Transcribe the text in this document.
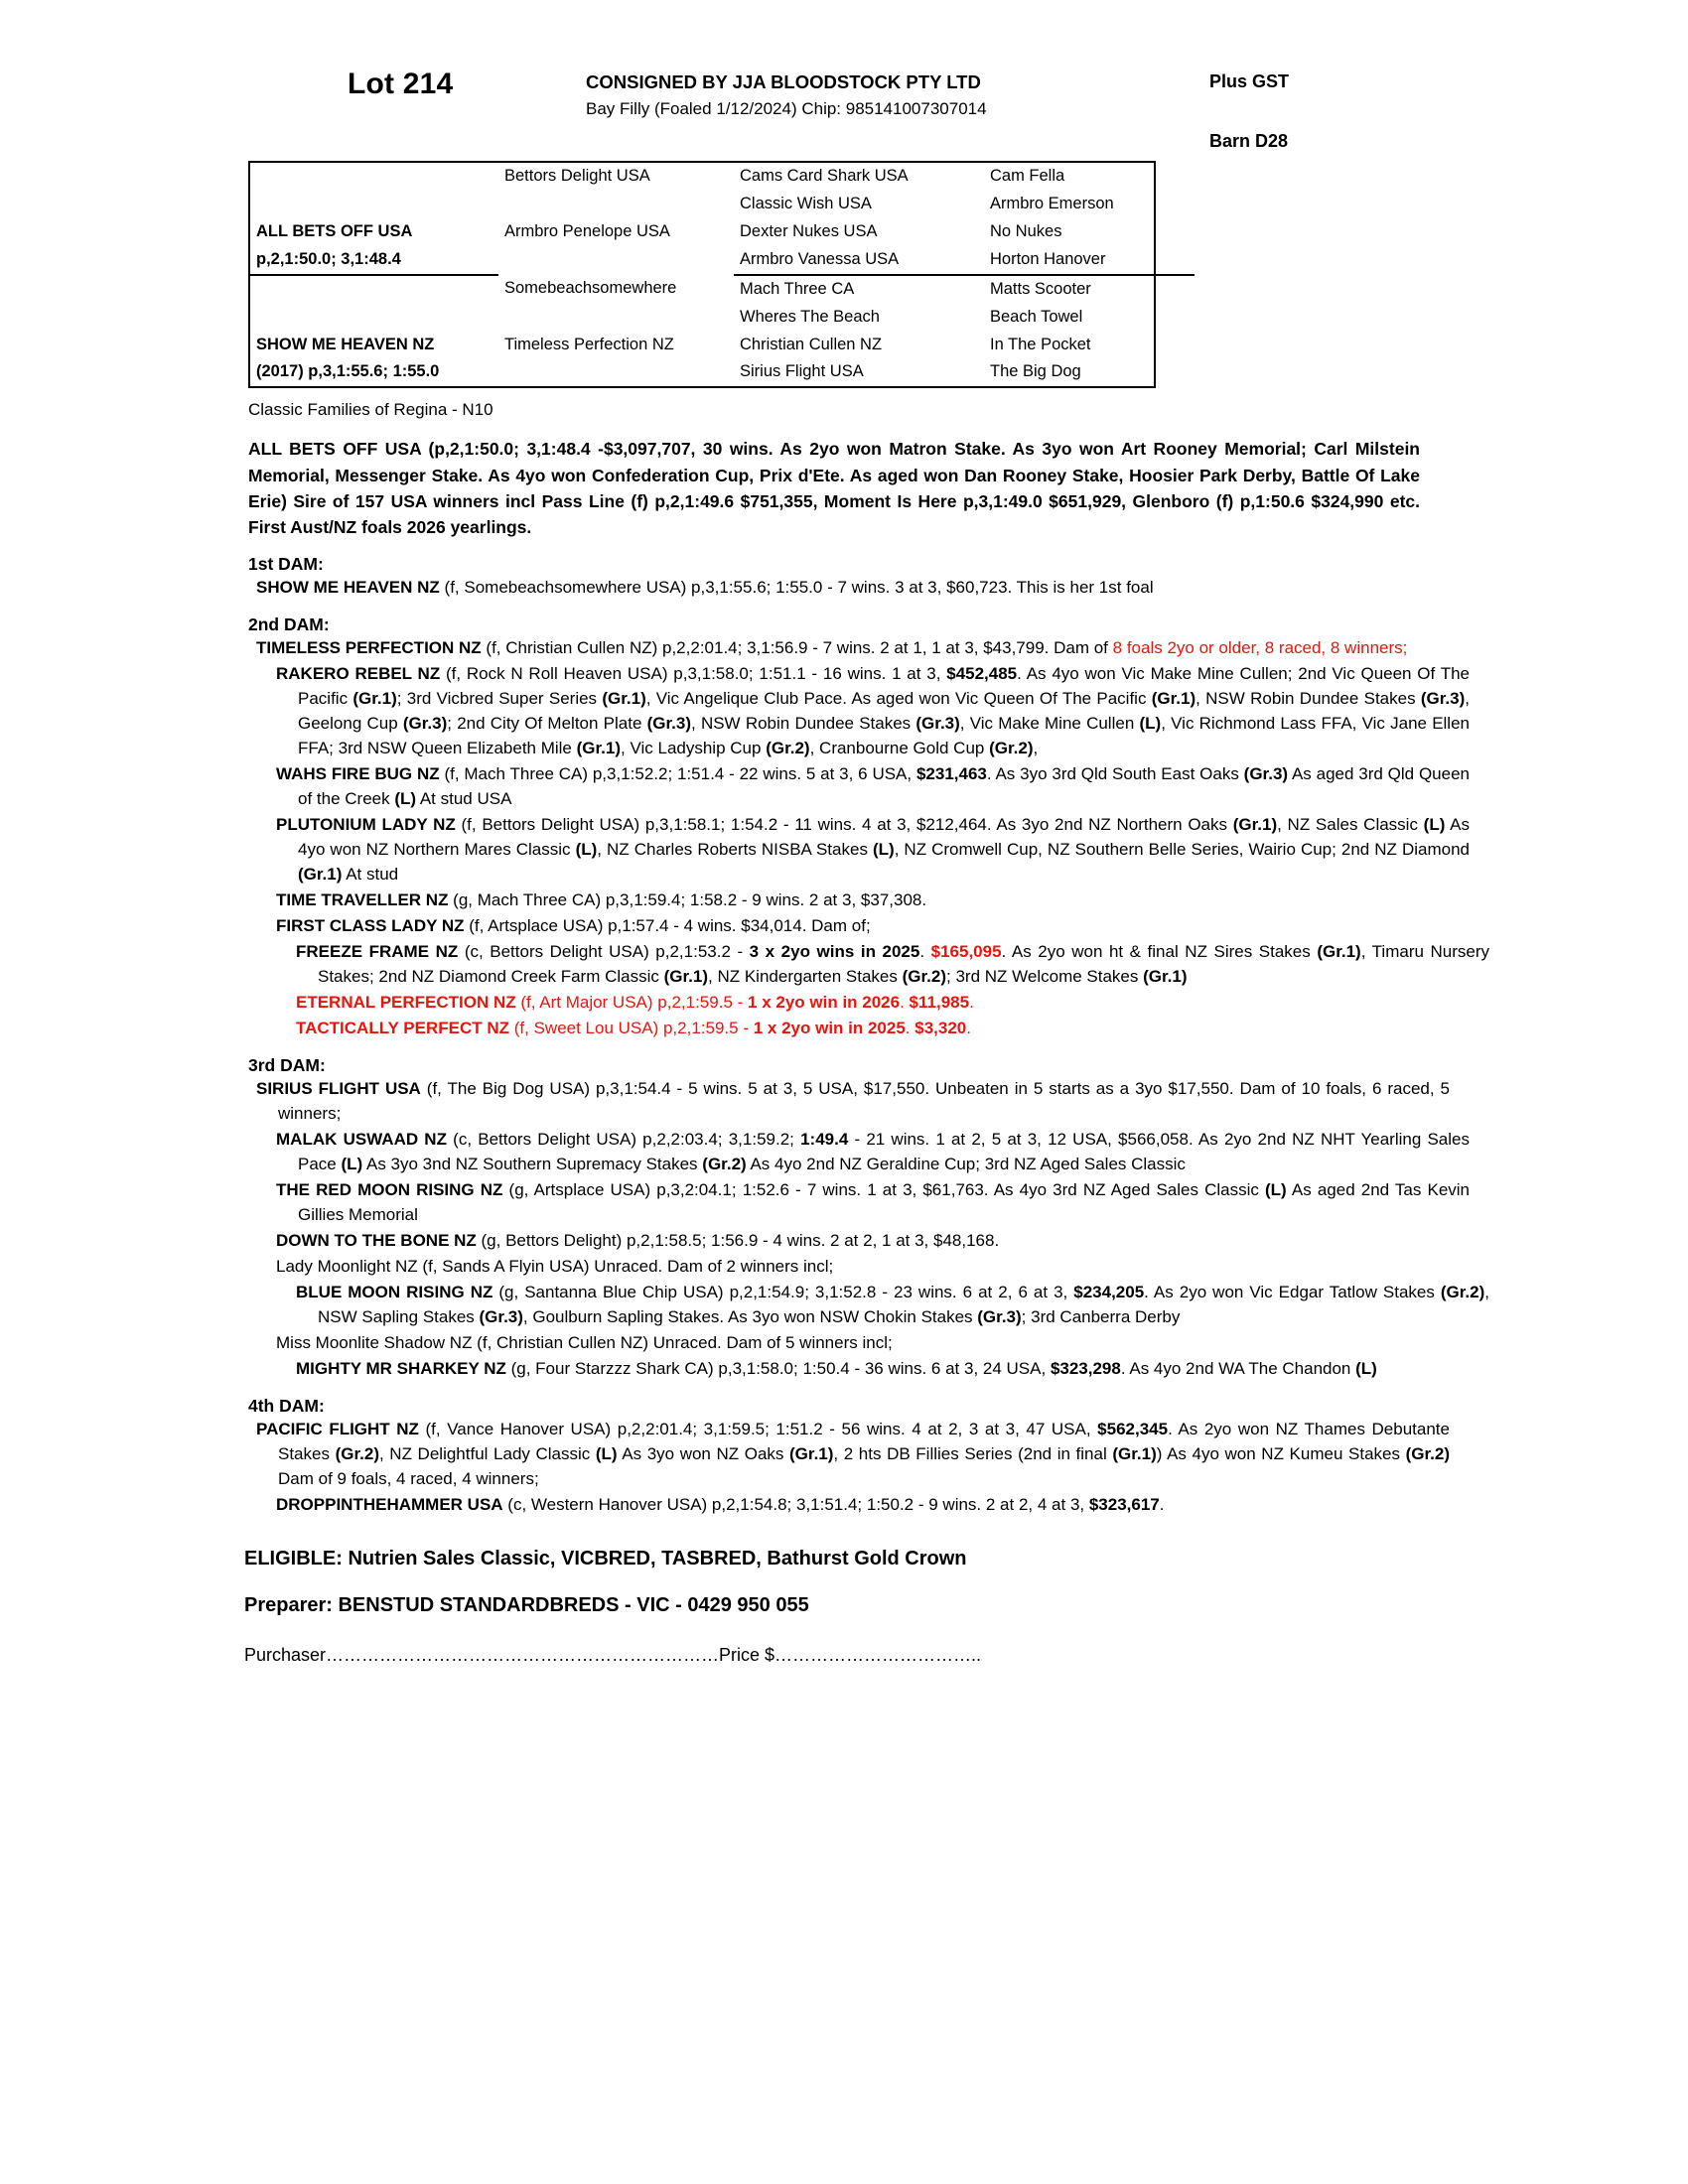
Lot 214	CONSIGNED BY JJA BLOODSTOCK PTY LTD
Bay Filly (Foaled 1/12/2024) Chip: 985141007307014
Plus GST
Barn D28
	Bettors Delight USA	Cams Card Shark USA	Cam Fella
		Classic Wish USA	Armbro Emerson
ALL BETS OFF USA	Armbro Penelope USA	Dexter Nukes USA	No Nukes
p,2,1:50.0; 3,1:48.4		Armbro Vanessa USA	Horton Hanover
	Somebeachsomewhere	Mach Three CA	Matts Scooter
		Wheres The Beach	Beach Towel
SHOW ME HEAVEN NZ	Timeless Perfection NZ	Christian Cullen NZ	In The Pocket
(2017) p,3,1:55.6; 1:55.0		Sirius Flight USA	The Big Dog
Classic Families of Regina - N10
ALL BETS OFF USA (p,2,1:50.0; 3,1:48.4 -$3,097,707, 30 wins. As 2yo won Matron Stake. As 3yo won Art Rooney Memorial; Carl Milstein Memorial, Messenger Stake. As 4yo won Confederation Cup, Prix d'Ete. As aged won Dan Rooney Stake, Hoosier Park Derby, Battle Of Lake Erie) Sire of 157 USA winners incl Pass Line (f) p,2,1:49.6 $751,355, Moment Is Here p,3,1:49.0 $651,929, Glenboro (f) p,1:50.6 $324,990 etc. First Aust/NZ foals 2026 yearlings.
1st DAM:
SHOW ME HEAVEN NZ (f, Somebeachsomewhere USA) p,3,1:55.6; 1:55.0 - 7 wins. 3 at 3, $60,723. This is her 1st foal
2nd DAM:
TIMELESS PERFECTION NZ (f, Christian Cullen NZ) p,2,2:01.4; 3,1:56.9 - 7 wins. 2 at 1, 1 at 3, $43,799. Dam of 8 foals 2yo or older, 8 raced, 8 winners;
RAKERO REBEL NZ (f, Rock N Roll Heaven USA) p,3,1:58.0; 1:51.1 - 16 wins. 1 at 3, $452,485. As 4yo won Vic Make Mine Cullen; 2nd Vic Queen Of The Pacific (Gr.1); 3rd Vicbred Super Series (Gr.1), Vic Angelique Club Pace. As aged won Vic Queen Of The Pacific (Gr.1), NSW Robin Dundee Stakes (Gr.3), Geelong Cup (Gr.3); 2nd City Of Melton Plate (Gr.3), NSW Robin Dundee Stakes (Gr.3), Vic Make Mine Cullen (L), Vic Richmond Lass FFA, Vic Jane Ellen FFA; 3rd NSW Queen Elizabeth Mile (Gr.1), Vic Ladyship Cup (Gr.2), Cranbourne Gold Cup (Gr.2),
WAHS FIRE BUG NZ (f, Mach Three CA) p,3,1:52.2; 1:51.4 - 22 wins. 5 at 3, 6 USA, $231,463. As 3yo 3rd Qld South East Oaks (Gr.3) As aged 3rd Qld Queen of the Creek (L) At stud USA
PLUTONIUM LADY NZ (f, Bettors Delight USA) p,3,1:58.1; 1:54.2 - 11 wins. 4 at 3, $212,464. As 3yo 2nd NZ Northern Oaks (Gr.1), NZ Sales Classic (L) As 4yo won NZ Northern Mares Classic (L), NZ Charles Roberts NISBA Stakes (L), NZ Cromwell Cup, NZ Southern Belle Series, Wairio Cup; 2nd NZ Diamond (Gr.1) At stud
TIME TRAVELLER NZ (g, Mach Three CA) p,3,1:59.4; 1:58.2 - 9 wins. 2 at 3, $37,308.
FIRST CLASS LADY NZ (f, Artsplace USA) p,1:57.4 - 4 wins. $34,014. Dam of;
FREEZE FRAME NZ (c, Bettors Delight USA) p,2,1:53.2 - 3 x 2yo wins in 2025. $165,095. As 2yo won ht & final NZ Sires Stakes (Gr.1), Timaru Nursery Stakes; 2nd NZ Diamond Creek Farm Classic (Gr.1), NZ Kindergarten Stakes (Gr.2); 3rd NZ Welcome Stakes (Gr.1)
ETERNAL PERFECTION NZ (f, Art Major USA) p,2,1:59.5 - 1 x 2yo win in 2026. $11,985.
TACTICALLY PERFECT NZ (f, Sweet Lou USA) p,2,1:59.5 - 1 x 2yo win in 2025. $3,320.
3rd DAM:
SIRIUS FLIGHT USA (f, The Big Dog USA) p,3,1:54.4 - 5 wins. 5 at 3, 5 USA, $17,550. Unbeaten in 5 starts as a 3yo $17,550. Dam of 10 foals, 6 raced, 5 winners;
MALAK USWAAD NZ (c, Bettors Delight USA) p,2,2:03.4; 3,1:59.2; 1:49.4 - 21 wins. 1 at 2, 5 at 3, 12 USA, $566,058. As 2yo 2nd NZ NHT Yearling Sales Pace (L) As 3yo 3nd NZ Southern Supremacy Stakes (Gr.2) As 4yo 2nd NZ Geraldine Cup; 3rd NZ Aged Sales Classic
THE RED MOON RISING NZ (g, Artsplace USA) p,3,2:04.1; 1:52.6 - 7 wins. 1 at 3, $61,763. As 4yo 3rd NZ Aged Sales Classic (L) As aged 2nd Tas Kevin Gillies Memorial
DOWN TO THE BONE NZ (g, Bettors Delight) p,2,1:58.5; 1:56.9 - 4 wins. 2 at 2, 1 at 3, $48,168.
Lady Moonlight NZ (f, Sands A Flyin USA) Unraced. Dam of 2 winners incl;
BLUE MOON RISING NZ (g, Santanna Blue Chip USA) p,2,1:54.9; 3,1:52.8 - 23 wins. 6 at 2, 6 at 3, $234,205. As 2yo won Vic Edgar Tatlow Stakes (Gr.2), NSW Sapling Stakes (Gr.3), Goulburn Sapling Stakes. As 3yo won NSW Chokin Stakes (Gr.3); 3rd Canberra Derby
Miss Moonlite Shadow NZ (f, Christian Cullen NZ) Unraced. Dam of 5 winners incl;
MIGHTY MR SHARKEY NZ (g, Four Starzzz Shark CA) p,3,1:58.0; 1:50.4 - 36 wins. 6 at 3, 24 USA, $323,298. As 4yo 2nd WA The Chandon (L)
4th DAM:
PACIFIC FLIGHT NZ (f, Vance Hanover USA) p,2,2:01.4; 3,1:59.5; 1:51.2 - 56 wins. 4 at 2, 3 at 3, 47 USA, $562,345. As 2yo won NZ Thames Debutante Stakes (Gr.2), NZ Delightful Lady Classic (L) As 3yo won NZ Oaks (Gr.1), 2 hts DB Fillies Series (2nd in final (Gr.1)) As 4yo won NZ Kumeu Stakes (Gr.2) Dam of 9 foals, 4 raced, 4 winners;
DROPPINTHEHAMMER USA (c, Western Hanover USA) p,2,1:54.8; 3,1:51.4; 1:50.2 - 9 wins. 2 at 2, 4 at 3, $323,617.
ELIGIBLE: Nutrien Sales Classic, VICBRED, TASBRED, Bathurst Gold Crown
Preparer: BENSTUD STANDARDBREDS - VIC - 0429 950 055
Purchaser…………………………………………………………Price $……………………………..
